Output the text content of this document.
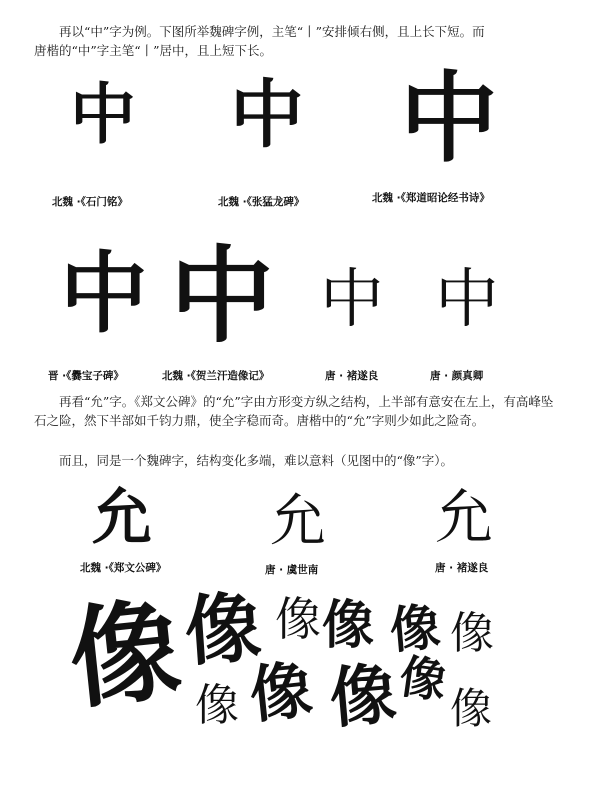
再以“中”字为例。下图所举魏碑字例，主笔“丨”安排倾右侧，且上长下短。而

唐楷的“中”字主笔“丨”居中，且上短下长。

中 中 中
北魏 ·《石门铭》	北魏 ·《张猛龙碑》	北魏 ·《郑道昭论经书诗》
中 中 中 中
晋 ·《爨宝子碑》	北魏 ·《贺兰汗造像记》	唐 · 褚遂良	唐 · 颜真卿

再看“允”字。《郑文公碑》的“允”字由方形变方纵之结构，上半部有意安在左上，有高峰坠石之险，然下半部如千钧力鼎，使全字稳而奇。唐楷中的“允”字则少如此之险奇。

而且，同是一个魏碑字，结构变化多端，难以意料（见图中的“像”字）。

允 允 允
北魏 ·《郑文公碑》	唐 · 虞世南	唐 · 褚遂良
像
像 像 像 像 像
像 像 像
像 像
